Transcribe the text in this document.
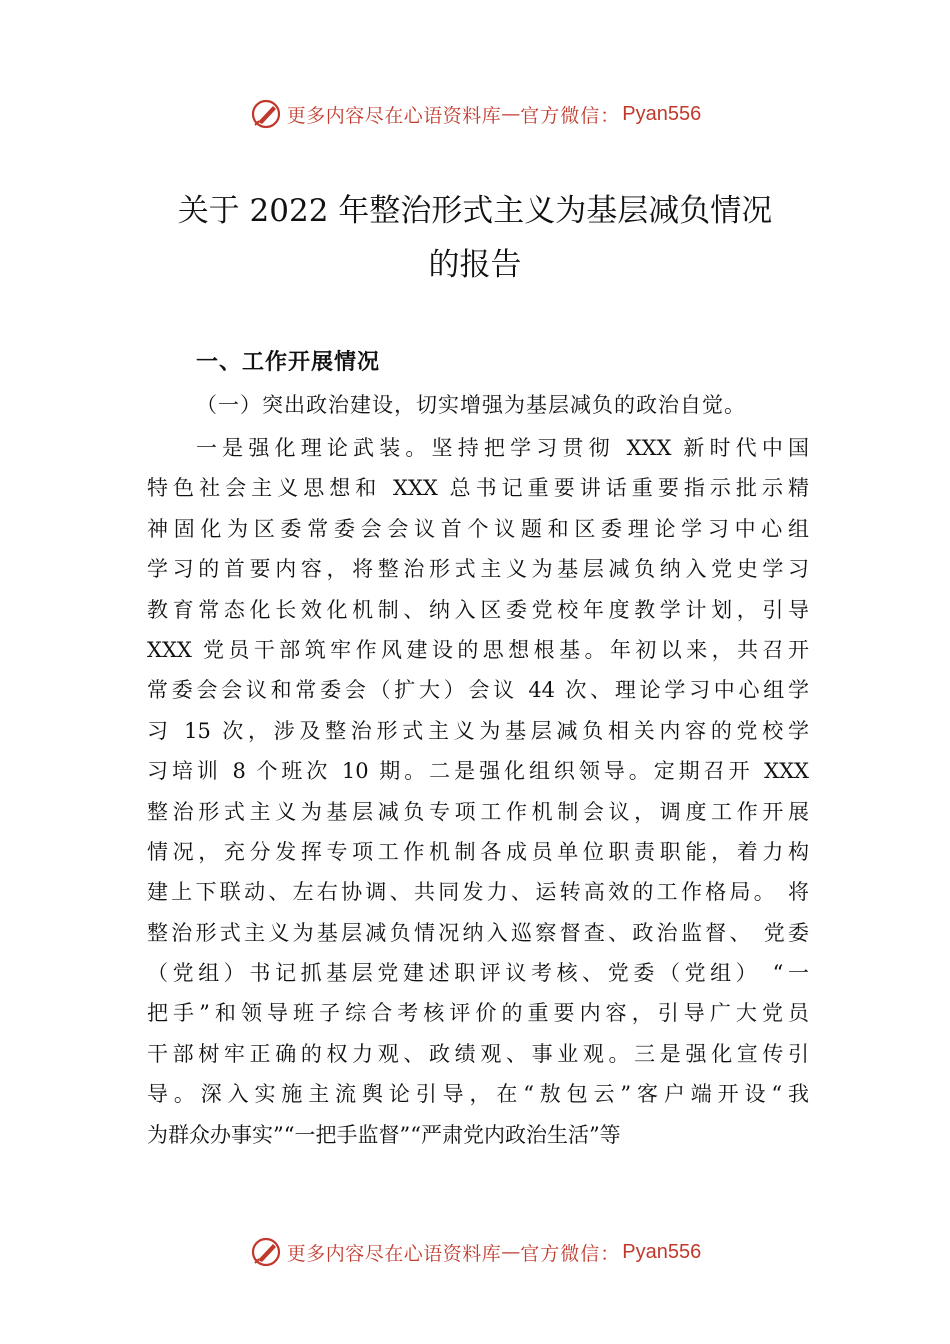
更多内容尽在心语资料库 — 官方微信： Pyan556
关于 2022 年整治形式主义为基层减负情况
的报告
一、工作开展情况
（一）突出政治建设，切实增强为基层减负的政治自觉。
一是强化理论武装。坚持把学习贯彻 XXX 新时代中国
特色社会主义思想和 XXX 总书记重要讲话重要指示批示精
神固化为区委常委会会议首个议题和区委理论学习中心组
学习的首要内容，将整治形式主义为基层减负纳入党史学习
教育常态化长效化机制、纳入区委党校年度教学计划，引导
XXX 党员干部筑牢作风建设的思想根基。年初以来，共召开
常委会会议和常委会（扩大）会议 44 次、理论学习中心组学
习 15 次，涉及整治形式主义为基层减负相关内容的党校学
习培训 8 个班次 10 期。二是强化组织领导。定期召开 XXX
整治形式主义为基层减负专项工作机制会议，调度工作开展
情况，充分发挥专项工作机制各成员单位职责职能，着力构
建上下联动、左右协调、共同发力、运转高效的工作格局。 将
整治形式主义为基层减负情况纳入巡察督查、政治监督、 党委
（党组）书记抓基层党建述职评议考核、党委（党组） “一
把手”和领导班子综合考核评价的重要内容，引导广大党员
干部树牢正确的权力观、政绩观、事业观。三是强化宣传引
导。深入实施主流舆论引导，在“敖包云”客户端开设“我
为群众办事实”“一把手监督”“严肃党内政治生活”等
更多内容尽在心语资料库 — 官方微信： Pyan556
